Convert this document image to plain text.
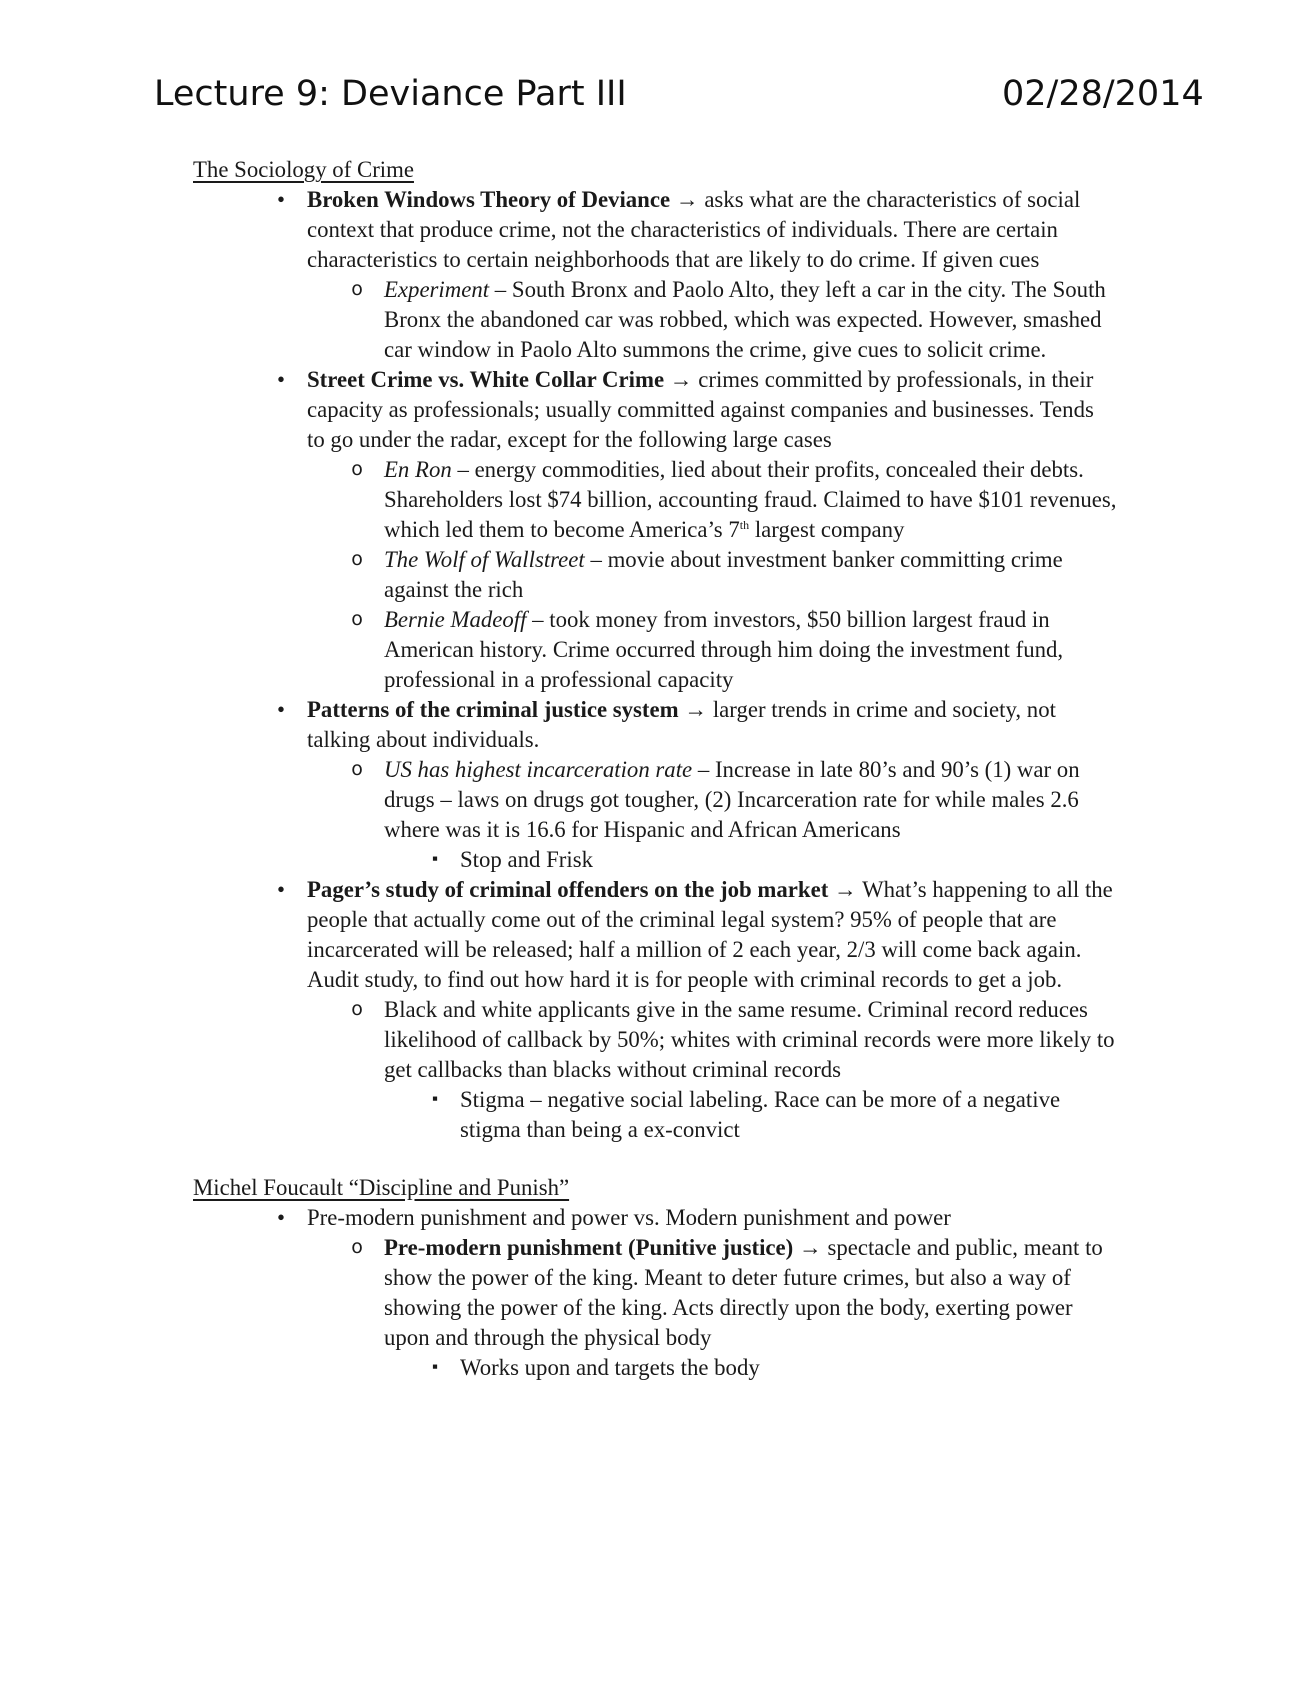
Lecture 9: Deviance Part III	02/28/2014
The Sociology of Crime
• Broken Windows Theory of Deviance → asks what are the characteristics of social context that produce crime, not the characteristics of individuals. There are certain characteristics to certain neighborhoods that are likely to do crime. If given cues
o Experiment – South Bronx and Paolo Alto, they left a car in the city. The South Bronx the abandoned car was robbed, which was expected. However, smashed car window in Paolo Alto summons the crime, give cues to solicit crime.
• Street Crime vs. White Collar Crime → crimes committed by professionals, in their capacity as professionals; usually committed against companies and businesses. Tends to go under the radar, except for the following large cases
o En Ron – energy commodities, lied about their profits, concealed their debts. Shareholders lost $74 billion, accounting fraud. Claimed to have $101 revenues, which led them to become America’s 7th largest company
o The Wolf of Wallstreet – movie about investment banker committing crime against the rich
o Bernie Madeoff – took money from investors, $50 billion largest fraud in American history. Crime occurred through him doing the investment fund, professional in a professional capacity
• Patterns of the criminal justice system → larger trends in crime and society, not talking about individuals.
o US has highest incarceration rate – Increase in late 80’s and 90’s (1) war on drugs – laws on drugs got tougher, (2) Incarceration rate for while males 2.6 where was it is 16.6 for Hispanic and African Americans
▪ Stop and Frisk
• Pager’s study of criminal offenders on the job market → What’s happening to all the people that actually come out of the criminal legal system? 95% of people that are incarcerated will be released; half a million of 2 each year, 2/3 will come back again. Audit study, to find out how hard it is for people with criminal records to get a job.
o Black and white applicants give in the same resume. Criminal record reduces likelihood of callback by 50%; whites with criminal records were more likely to get callbacks than blacks without criminal records
▪ Stigma – negative social labeling. Race can be more of a negative stigma than being a ex-convict
Michel Foucault “Discipline and Punish”
• Pre-modern punishment and power vs. Modern punishment and power
o Pre-modern punishment (Punitive justice) → spectacle and public, meant to show the power of the king. Meant to deter future crimes, but also a way of showing the power of the king. Acts directly upon the body, exerting power upon and through the physical body
▪ Works upon and targets the body
